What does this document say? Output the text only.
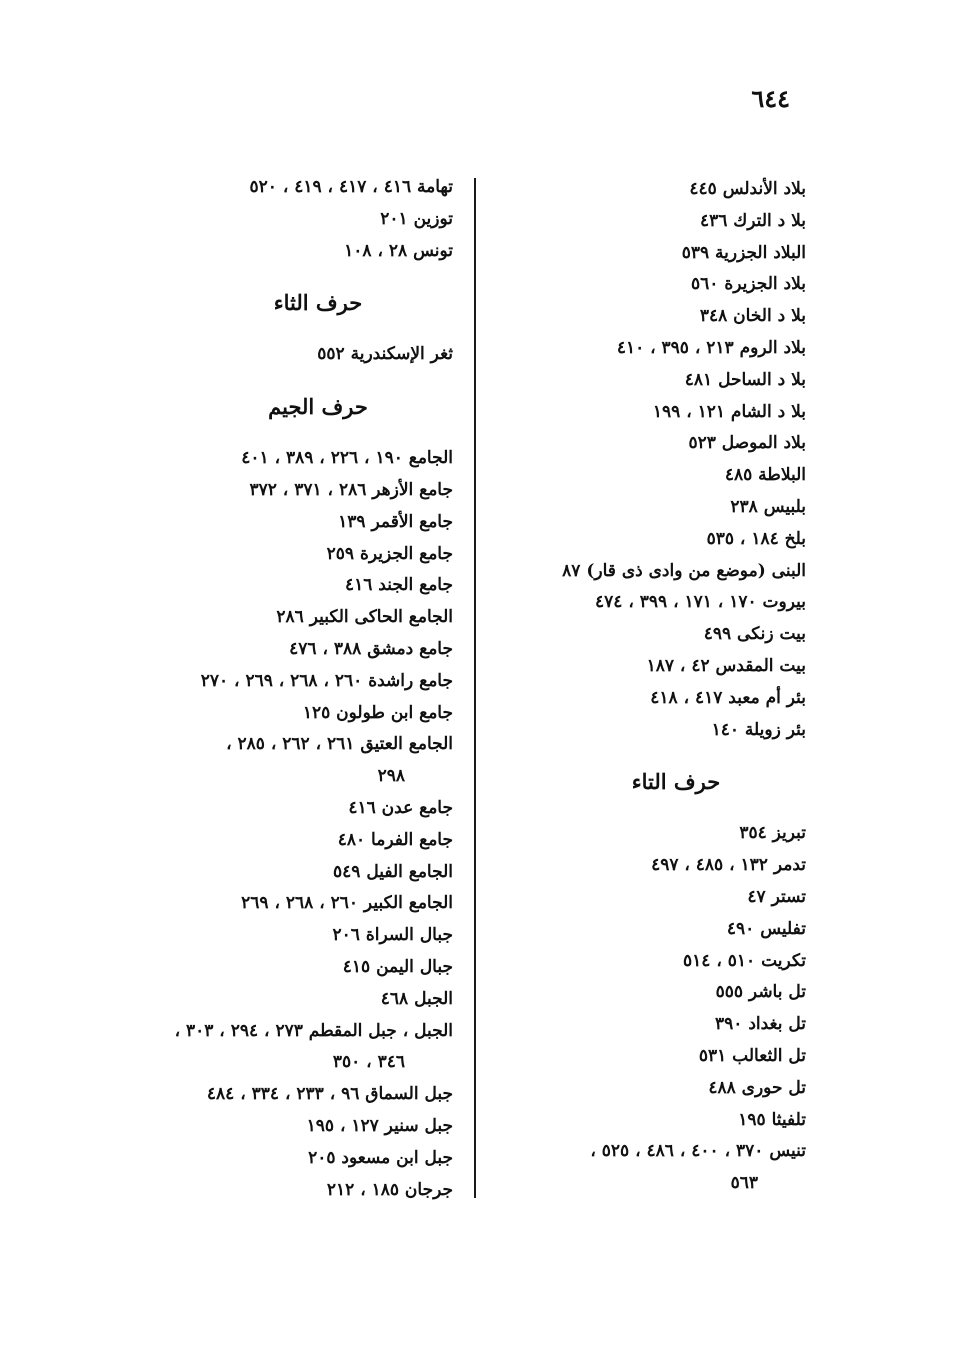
٦٤٤
بلاد الأندلس ٤٤٥
بلا د الترك ٤٣٦
البلاد الجزرية ٥٣٩
بلاد الجزيرة ٥٦٠
بلا د الخان ٣٤٨
بلاد الروم ٢١٣ ، ٣٩٥ ، ٤١٠
بلا د الساحل ٤٨١
بلا د الشام ١٢١ ، ١٩٩
بلاد الموصل ٥٢٣
البلاطة ٤٨٥
بلبيس ٢٣٨
بلخ ١٨٤ ، ٥٣٥
البنى (موضع من وادى ذى قار) ٨٧
بيروت ١٧٠ ، ١٧١ ، ٣٩٩ ، ٤٧٤
بيت زنكى ٤٩٩
بيت المقدس ٤٢ ، ١٨٧
بئر أم معبد ٤١٧ ، ٤١٨
بئر زويلة ١٤٠
حرف التاء
تبريز ٣٥٤
تدمر ١٣٢ ، ٤٨٥ ، ٤٩٧
تستر ٤٧
تفليس ٤٩٠
تكريت ٥١٠ ، ٥١٤
تل باشر ٥٥٥
تل بغداد ٣٩٠
تل الثعالب ٥٣١
تل حورى ٤٨٨
تلفيثا ١٩٥
تنيس ٣٧٠ ، ٤٠٠ ، ٤٨٦ ، ٥٢٥ ،
٥٦٣
تهامة ٤١٦ ، ٤١٧ ، ٤١٩ ، ٥٢٠
توزين ٢٠١
تونس ٢٨ ، ١٠٨
حرف الثاء
ثغر الإسكندرية ٥٥٢
حرف الجيم
الجامع ١٩٠ ، ٢٢٦ ، ٣٨٩ ، ٤٠١
جامع الأزهر ٢٨٦ ، ٣٧١ ، ٣٧٢
جامع الأقمر ١٣٩
جامع الجزيرة ٢٥٩
جامع الجند ٤١٦
الجامع الحاكى الكبير ٢٨٦
جامع دمشق ٣٨٨ ، ٤٧٦
جامع راشدة ٢٦٠ ، ٢٦٨ ، ٢٦٩ ، ٢٧٠
جامع ابن طولون ١٢٥
الجامع العتيق ٢٦١ ، ٢٦٢ ، ٢٨٥ ،
٢٩٨
جامع عدن ٤١٦
جامع الفرما ٤٨٠
الجامع الفيل ٥٤٩
الجامع الكبير ٢٦٠ ، ٢٦٨ ، ٢٦٩
جبال السراة ٢٠٦
جبال اليمن ٤١٥
الجبل ٤٦٨
الجبل ، جبل المقطم ٢٧٣ ، ٢٩٤ ، ٣٠٣ ،
٣٤٦ ، ٣٥٠
جبل السماق ٩٦ ، ٢٣٣ ، ٣٣٤ ، ٤٨٤
جبل سنير ١٢٧ ، ١٩٥
جبل ابن مسعود ٢٠٥
جرجان ١٨٥ ، ٢١٢
